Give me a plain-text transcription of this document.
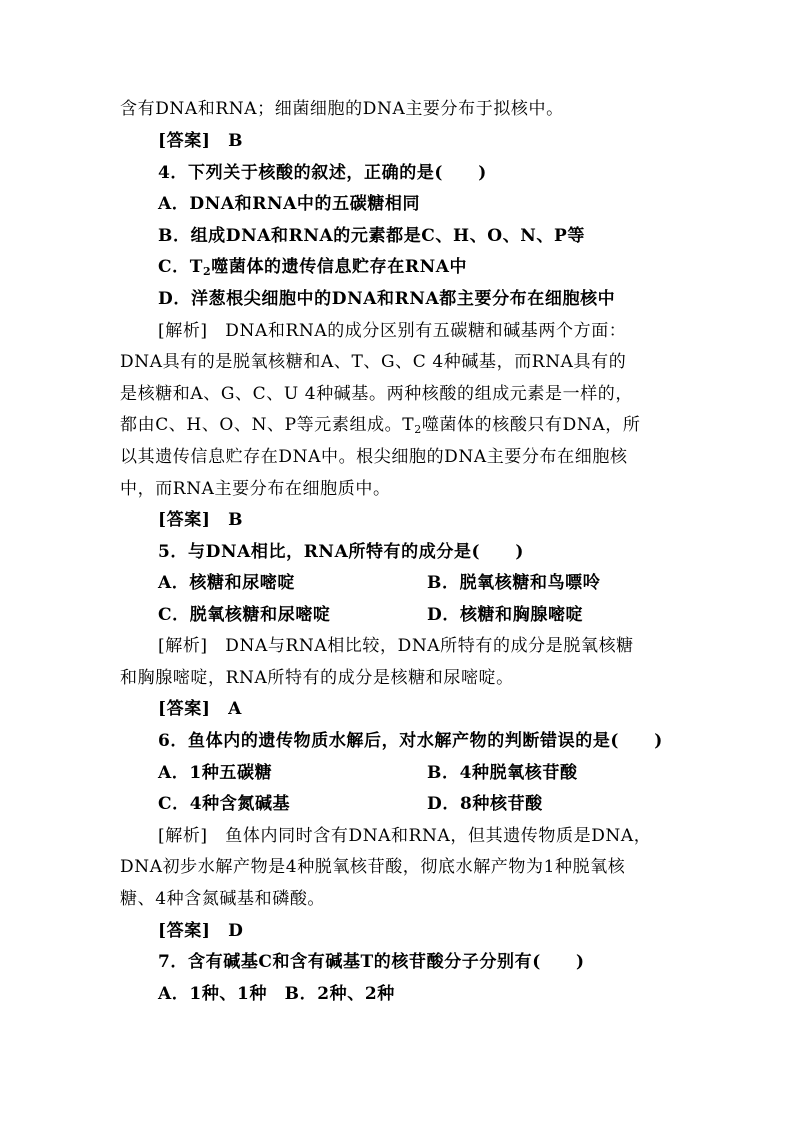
含有DNA和RNA；细菌细胞的DNA主要分布于拟核中。
[答案]　B
4．下列关于核酸的叙述，正确的是(　　)
A．DNA和RNA中的五碳糖相同
B．组成DNA和RNA的元素都是C、H、O、N、P等
C．$T_2$噬菌体的遗传信息贮存在RNA中
D．洋葱根尖细胞中的DNA和RNA都主要分布在细胞核中
[解析]　DNA和RNA的成分区别有五碳糖和碱基两个方面：
DNA具有的是脱氧核糖和A、T、G、C 4种碱基，而RNA具有的
是核糖和A、G、C、U 4种碱基。两种核酸的组成元素是一样的，
都由C、H、O、N、P等元素组成。$T_2$噬菌体的核酸只有DNA，所
以其遗传信息贮存在DNA中。根尖细胞的DNA主要分布在细胞核
中，而RNA主要分布在细胞质中。
[答案]　B
5．与DNA相比，RNA所特有的成分是(　　)
A．核糖和尿嘧啶	B．脱氧核糖和鸟嘌呤
C．脱氧核糖和尿嘧啶	D．核糖和胸腺嘧啶
[解析]　DNA与RNA相比较，DNA所特有的成分是脱氧核糖
和胸腺嘧啶，RNA所特有的成分是核糖和尿嘧啶。
[答案]　A
6．鱼体内的遗传物质水解后，对水解产物的判断错误的是(　　)
A．1种五碳糖	B．4种脱氧核苷酸
C．4种含氮碱基	D．8种核苷酸
[解析]　鱼体内同时含有DNA和RNA，但其遗传物质是DNA，
DNA初步水解产物是4种脱氧核苷酸，彻底水解产物为1种脱氧核
糖、4种含氮碱基和磷酸。
[答案]　D
7．含有碱基C和含有碱基T的核苷酸分子分别有(　　)
A．1种、1种　B．2种、2种
